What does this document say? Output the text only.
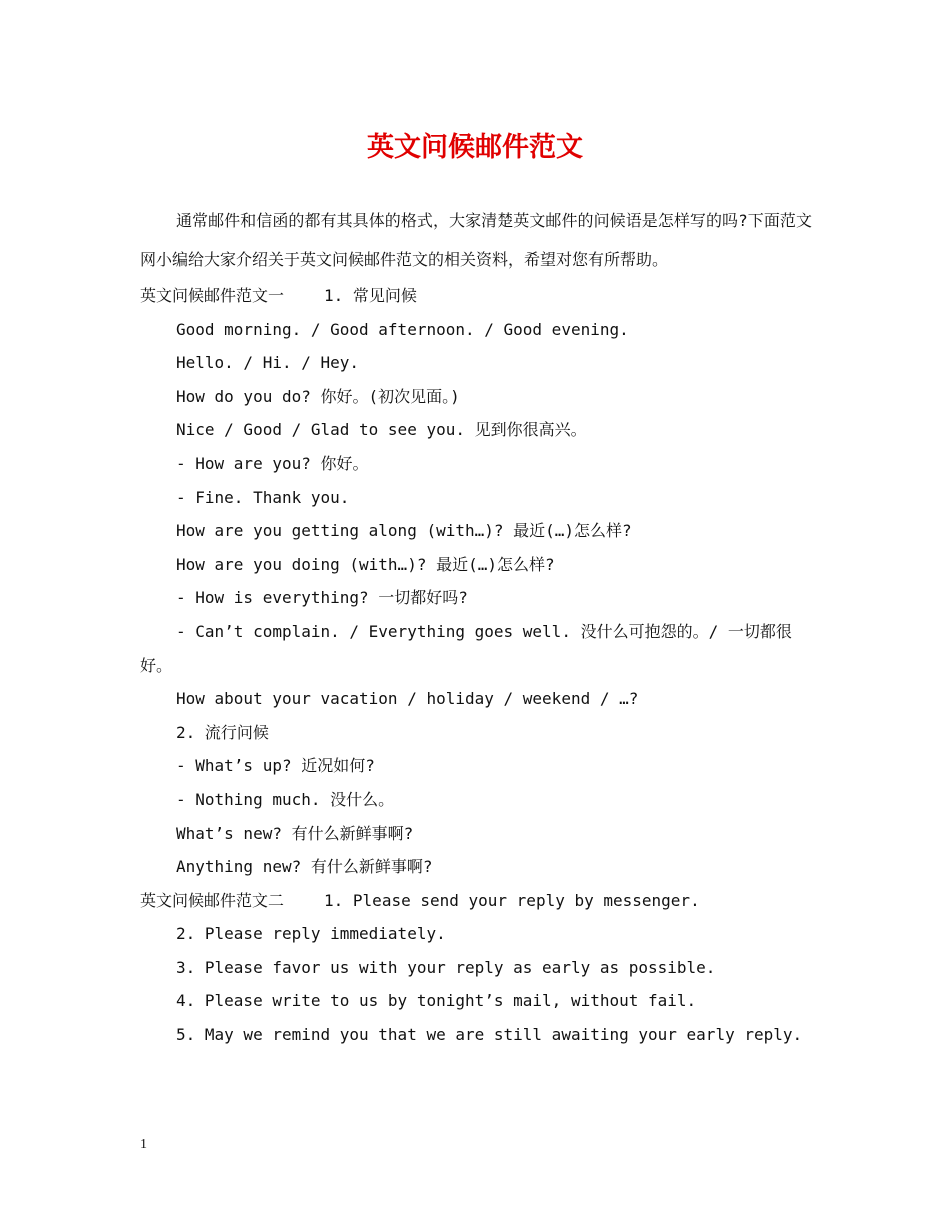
英文问候邮件范文

通常邮件和信函的都有其具体的格式，大家清楚英文邮件的问候语是怎样写的吗?下面范文网小编给大家介绍关于英文问候邮件范文的相关资料，希望对您有所帮助。

英文问候邮件范文一	1. 常见问候

Good morning. / Good afternoon. / Good evening.

Hello. / Hi. / Hey.

How do you do? 你好。(初次见面。)

Nice / Good / Glad to see you. 见到你很高兴。

- How are you? 你好。

- Fine. Thank you.

How are you getting along (with…)? 最近(…)怎么样?

How are you doing (with…)? 最近(…)怎么样?

- How is everything? 一切都好吗?

- Can’t complain. / Everything goes well. 没什么可抱怨的。/ 一切都很好。

How about your vacation / holiday / weekend / …?

2. 流行问候

- What’s up? 近况如何?

- Nothing much. 没什么。

What’s new? 有什么新鲜事啊?

Anything new? 有什么新鲜事啊?

英文问候邮件范文二	1. Please send your reply by messenger.

2. Please reply immediately.

3. Please favor us with your reply as early as possible.

4. Please write to us by tonight’s mail, without fail.

5. May we remind you that we are still awaiting your early reply.

1
